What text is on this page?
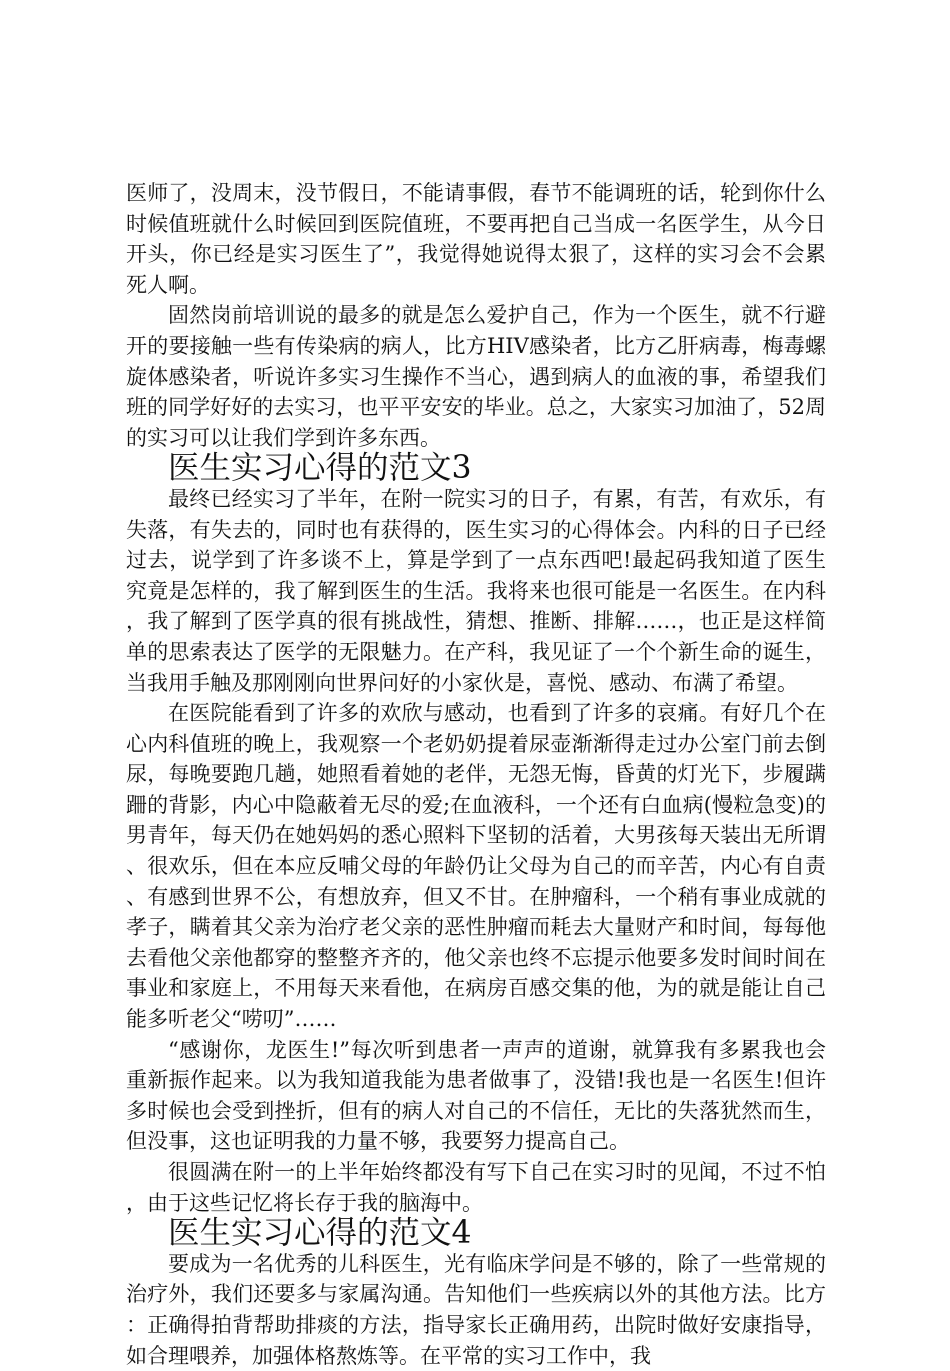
医师了，没周末，没节假日，不能请事假，春节不能调班的话，轮到你什么时候值班就什么时候回到医院值班，不要再把自己当成一名医学生，从今日开头，你已经是实习医生了”，我觉得她说得太狠了，这样的实习会不会累死人啊。

固然岗前培训说的最多的就是怎么爱护自己，作为一个医生，就不行避开的要接触一些有传染病的病人，比方HIV感染者，比方乙肝病毒，梅毒螺旋体感染者，听说许多实习生操作不当心，遇到病人的血液的事，希望我们班的同学好好的去实习，也平平安安的毕业。总之，大家实习加油了，52周的实习可以让我们学到许多东西。

医生实习心得的范文3

最终已经实习了半年，在附一院实习的日子，有累，有苦，有欢乐，有失落，有失去的，同时也有获得的，医生实习的心得体会。内科的日子已经过去，说学到了许多谈不上，算是学到了一点东西吧!最起码我知道了医生究竟是怎样的，我了解到医生的生活。我将来也很可能是一名医生。在内科，我了解到了医学真的很有挑战性，猜想、推断、排解……，也正是这样简单的思索表达了医学的无限魅力。在产科，我见证了一个个新生命的诞生，当我用手触及那刚刚向世界问好的小家伙是，喜悦、感动、布满了希望。

在医院能看到了许多的欢欣与感动，也看到了许多的哀痛。有好几个在心内科值班的晚上，我观察一个老奶奶提着尿壶渐渐得走过办公室门前去倒尿，每晚要跑几趟，她照看着她的老伴，无怨无悔，昏黄的灯光下，步履蹒跚的背影，内心中隐蔽着无尽的爱;在血液科，一个还有白血病(慢粒急变)的男青年，每天仍在她妈妈的悉心照料下坚韧的活着，大男孩每天装出无所谓、很欢乐，但在本应反哺父母的年龄仍让父母为自己的而辛苦，内心有自责、有感到世界不公，有想放弃，但又不甘。在肿瘤科，一个稍有事业成就的孝子，瞒着其父亲为治疗老父亲的恶性肿瘤而耗去大量财产和时间，每每他去看他父亲他都穿的整整齐齐的，他父亲也终不忘提示他要多发时间时间在事业和家庭上，不用每天来看他，在病房百感交集的他，为的就是能让自己能多听老父“唠叨”……

“感谢你，龙医生!”每次听到患者一声声的道谢，就算我有多累我也会重新振作起来。以为我知道我能为患者做事了，没错!我也是一名医生!但许多时候也会受到挫折，但有的病人对自己的不信任，无比的失落犹然而生，但没事，这也证明我的力量不够，我要努力提高自己。

很圆满在附一的上半年始终都没有写下自己在实习时的见闻，不过不怕，由于这些记忆将长存于我的脑海中。

医生实习心得的范文4

要成为一名优秀的儿科医生，光有临床学问是不够的，除了一些常规的治疗外，我们还要多与家属沟通。告知他们一些疾病以外的其他方法。比方：正确得拍背帮助排痰的方法，指导家长正确用药，出院时做好安康指导，如合理喂养，加强体格熬炼等。在平常的实习工作中，我
